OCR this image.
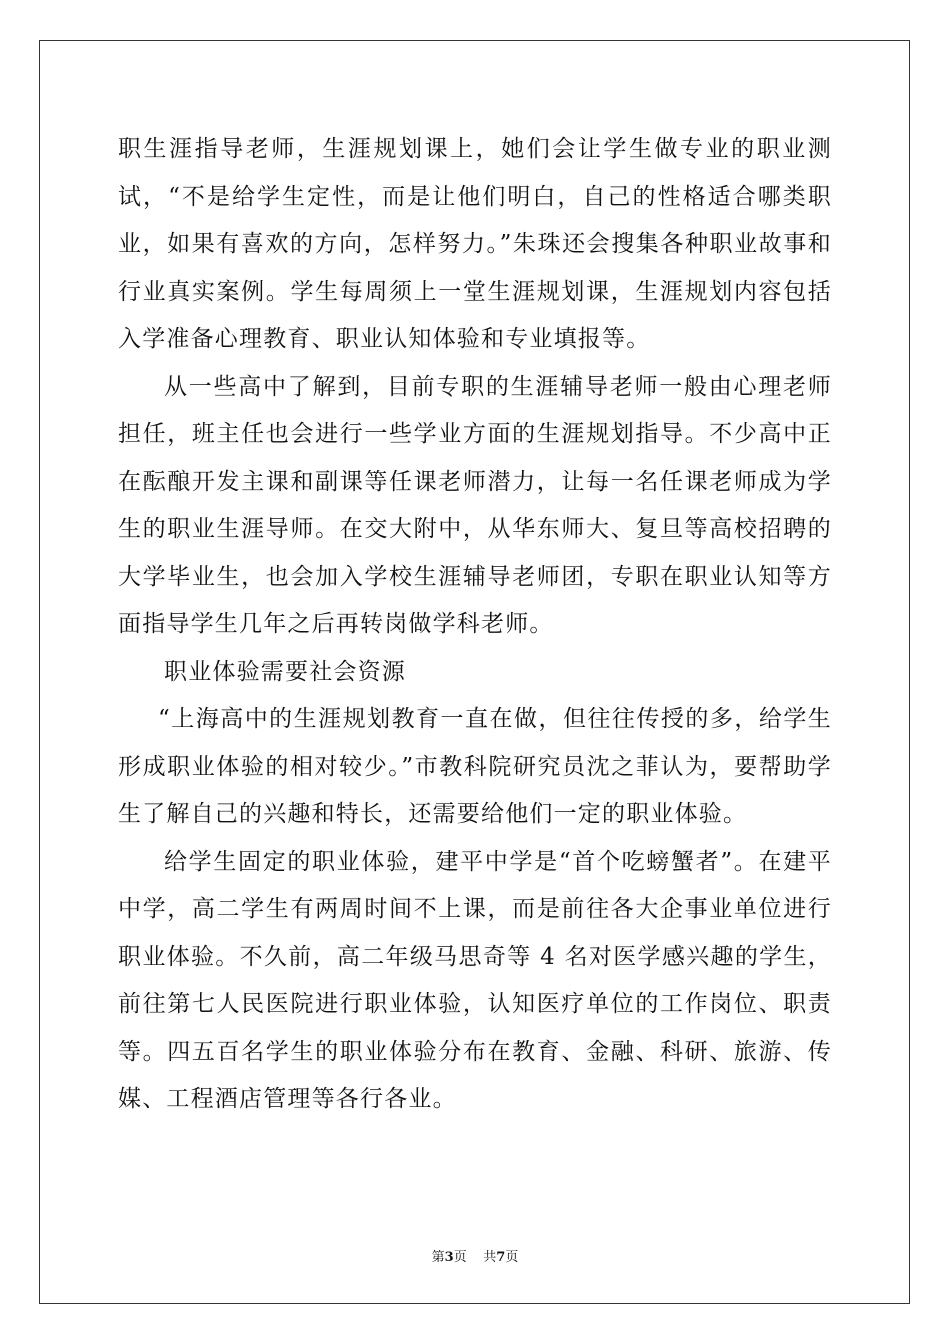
职生涯指导老师，生涯规划课上，她们会让学生做专业的职业测试，“不是给学生定性，而是让他们明白，自己的性格适合哪类职业，如果有喜欢的方向，怎样努力。”朱珠还会搜集各种职业故事和行业真实案例。学生每周须上一堂生涯规划课，生涯规划内容包括入学准备心理教育、职业认知体验和专业填报等。

从一些高中了解到，目前专职的生涯辅导老师一般由心理老师担任，班主任也会进行一些学业方面的生涯规划指导。不少高中正在酝酿开发主课和副课等任课老师潜力，让每一名任课老师成为学生的职业生涯导师。在交大附中，从华东师大、复旦等高校招聘的大学毕业生，也会加入学校生涯辅导老师团，专职在职业认知等方面指导学生几年之后再转岗做学科老师。

职业体验需要社会资源

“上海高中的生涯规划教育一直在做，但往往传授的多，给学生形成职业体验的相对较少。”市教科院研究员沈之菲认为，要帮助学生了解自己的兴趣和特长，还需要给他们一定的职业体验。

给学生固定的职业体验，建平中学是“首个吃螃蟹者”。在建平中学，高二学生有两周时间不上课，而是前往各大企事业单位进行职业体验。不久前，高二年级马思奇等 4 名对医学感兴趣的学生，前往第七人民医院进行职业体验，认知医疗单位的工作岗位、职责等。四五百名学生的职业体验分布在教育、金融、科研、旅游、传媒、工程酒店管理等各行各业。

第3页 共7页
